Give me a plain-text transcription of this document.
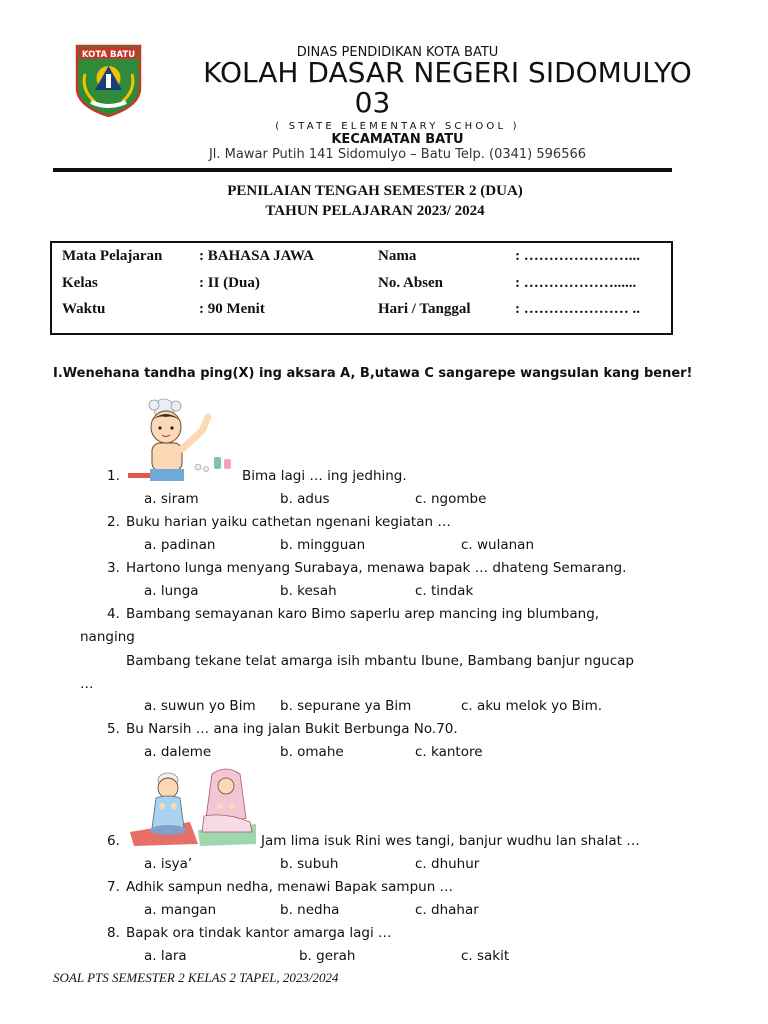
KOTA BATU	DINAS PENDIDIKAN KOTA BATU
KOLAH DASAR NEGERI SIDOMULYO
03
( STATE ELEMENTARY SCHOOL )
KECAMATAN BATU
Jl. Mawar Putih 141 Sidomulyo – Batu Telp. (0341) 596566
PENILAIAN TENGAH SEMESTER 2 (DUA)
TAHUN PELAJARAN 2023/ 2024
Mata Pelajaran : BAHASA JAWA	Nama	: …………………...
Kelas	: II (Dua)	No. Absen	: ………………......
Waktu	: 90 Menit	Hari / Tanggal	: ………………… ..
I.Wenehana tandha ping(X) ing aksara A, B,utawa C sangarepe wangsulan kang bener!
1.	Bima lagi … ing jedhing.
a. siram	b. adus	c. ngombe
2. Buku harian yaiku cathetan ngenani kegiatan …
a. padinan	b. mingguan	c. wulanan
3. Hartono lunga menyang Surabaya, menawa bapak … dhateng Semarang.
a. lunga	b. kesah	c. tindak
4. Bambang semayanan karo Bimo saperlu arep mancing ing blumbang,
nanging
Bambang tekane telat amarga isih mbantu Ibune, Bambang banjur ngucap
…
a. suwun yo Bim b. sepurane ya Bim	c. aku melok yo Bim.
5. Bu Narsih … ana ing jalan Bukit Berbunga No.70.
a. daleme	b. omahe	c. kantore
6.	Jam lima isuk Rini wes tangi, banjur wudhu lan shalat …
a. isya’	b. subuh	c. dhuhur
7. Adhik sampun nedha, menawi Bapak sampun …
a. mangan	b. nedha	c. dhahar
8. Bapak ora tindak kantor amarga lagi …
a. lara	b. gerah	c. sakit
SOAL PTS SEMESTER 2 KELAS 2 TAPEL, 2023/2024
